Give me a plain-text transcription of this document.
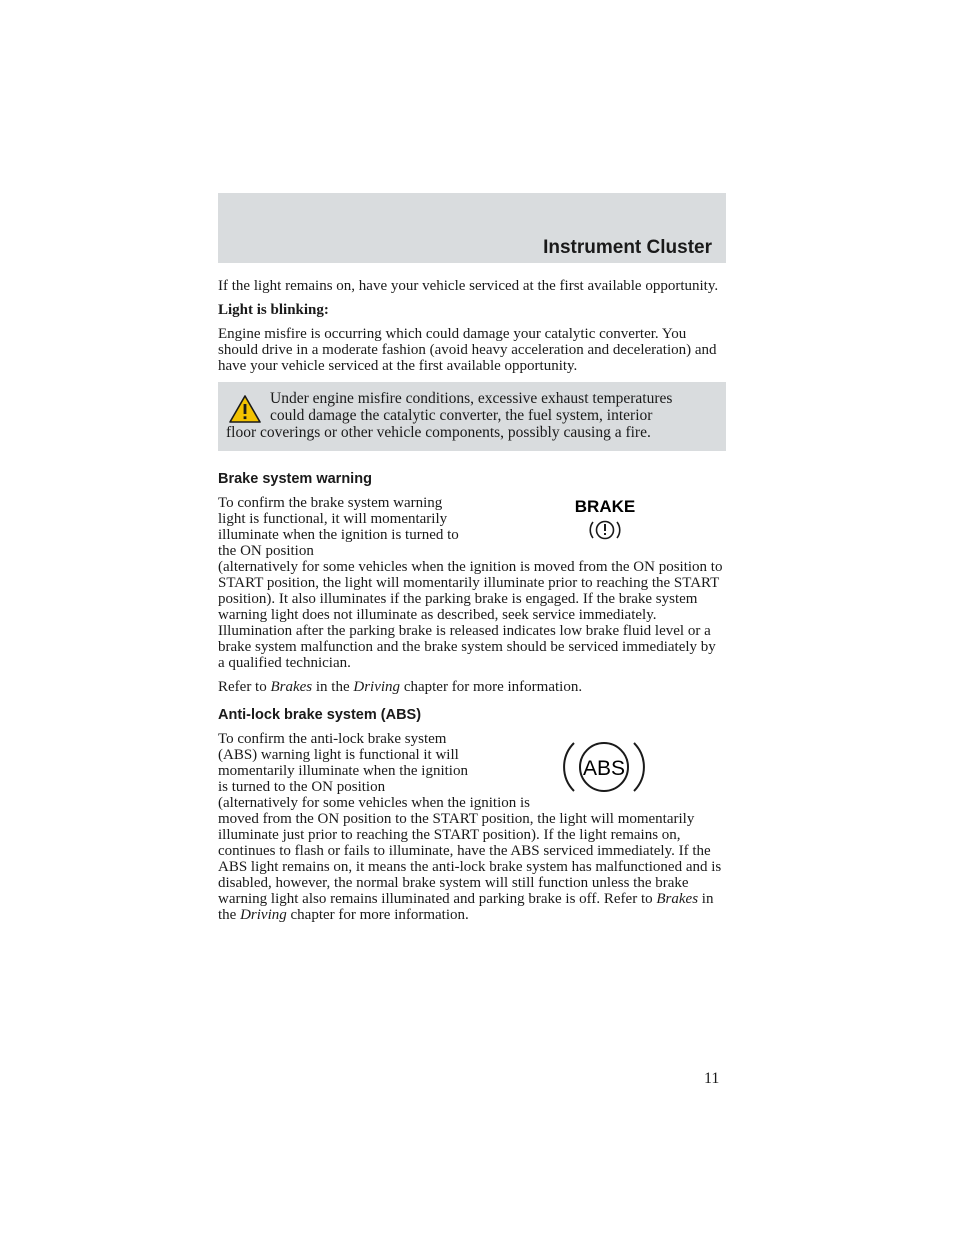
Instrument Cluster

If the light remains on, have your vehicle serviced at the first available opportunity.

Light is blinking:

Engine misfire is occurring which could damage your catalytic converter. You should drive in a moderate fashion (avoid heavy acceleration and deceleration) and have your vehicle serviced at the first available opportunity.

Under engine misfire conditions, excessive exhaust temperatures
could damage the catalytic converter, the fuel system, interior
floor coverings or other vehicle components, possibly causing a fire.
Brake system warning
BRAKE

To confirm the brake system warning light is functional, it will momentarily illuminate when the ignition is turned to the ON position

(alternatively for some vehicles when the ignition is moved from the ON position to START position, the light will momentarily illuminate prior to reaching the START position). It also illuminates if the parking brake is engaged. If the brake system warning light does not illuminate as described, seek service immediately. Illumination after the parking brake is released indicates low brake fluid level or a brake system malfunction and the brake system should be serviced immediately by a qualified technician.

Refer to Brakes in the Driving chapter for more information.

Anti-lock brake system (ABS)
ABS

To confirm the anti-lock brake system (ABS) warning light is functional it will momentarily illuminate when the ignition is turned to the ON position

(alternatively for some vehicles when the ignition is moved from the ON position to the START position, the light will momentarily illuminate just prior to reaching the START position). If the light remains on, continues to flash or fails to illuminate, have the ABS serviced immediately. If the ABS light remains on, it means the anti-lock brake system has malfunctioned and is disabled, however, the normal brake system will still function unless the brake warning light also remains illuminated and parking brake is off. Refer to Brakes in the Driving chapter for more information.

11
carmanualsonline.info
